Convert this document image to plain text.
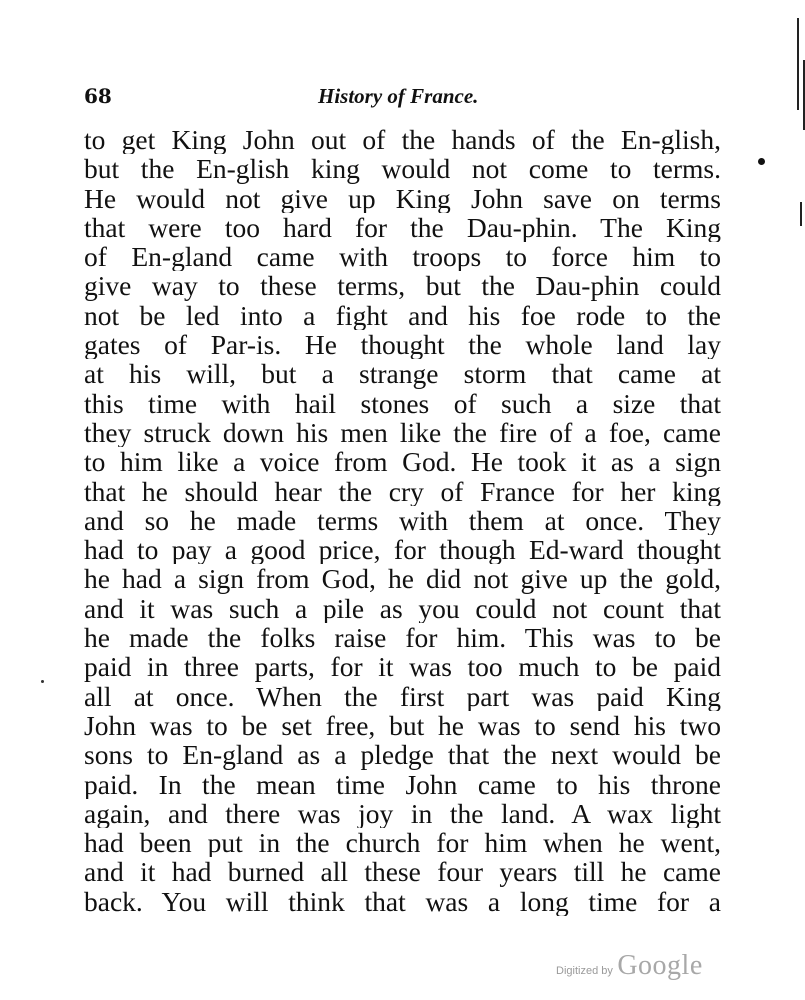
68	History of France.
to get King John out of the hands of the En-glish,
but the En-glish king would not come to terms.
He would not give up King John save on terms
that were too hard for the Dau-phin. The King
of En-gland came with troops to force him to
give way to these terms, but the Dau-phin could
not be led into a fight and his foe rode to the
gates of Par-is. He thought the whole land lay
at his will, but a strange storm that came at
this time with hail stones of such a size that
they struck down his men like the fire of a foe, came
to him like a voice from God. He took it as a sign
that he should hear the cry of France for her king
and so he made terms with them at once. They
had to pay a good price, for though Ed-ward thought
he had a sign from God, he did not give up the gold,
and it was such a pile as you could not count that
he made the folks raise for him. This was to be
paid in three parts, for it was too much to be paid
all at once. When the first part was paid King
John was to be set free, but he was to send his two
sons to En-gland as a pledge that the next would be
paid. In the mean time John came to his throne
again, and there was joy in the land. A wax light
had been put in the church for him when he went,
and it had burned all these four years till he came
back. You will think that was a long time for a
Digitized by Google
